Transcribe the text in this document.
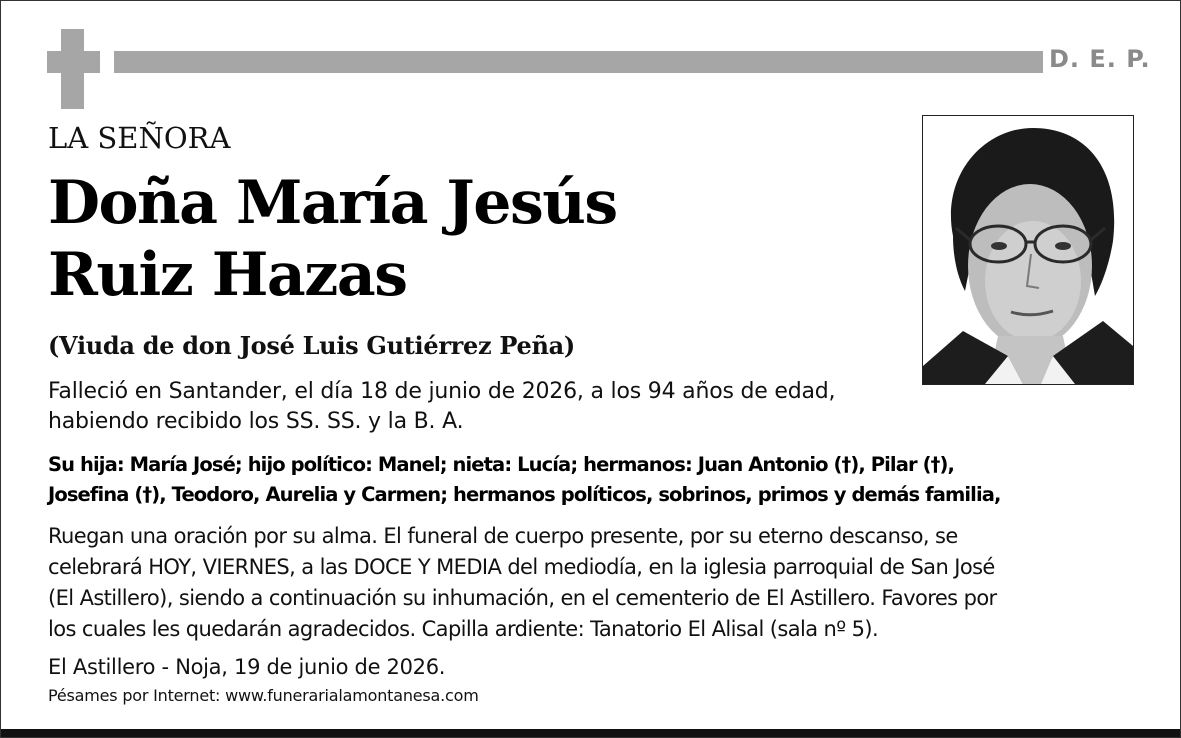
D. E. P.
LA SEÑORA
Doña María Jesús
Ruiz Hazas
(Viuda de don José Luis Gutiérrez Peña)
Falleció en Santander, el día 18 de junio de 2026, a los 94 años de edad,
habiendo recibido los SS. SS. y la B. A.
Su hija: María José; hijo político: Manel; nieta: Lucía; hermanos: Juan Antonio (†), Pilar (†),
Josefina (†), Teodoro, Aurelia y Carmen; hermanos políticos, sobrinos, primos y demás familia,
Ruegan una oración por su alma. El funeral de cuerpo presente, por su eterno descanso, se
celebrará HOY, VIERNES, a las DOCE Y MEDIA del mediodía, en la iglesia parroquial de San José
(El Astillero), siendo a continuación su inhumación, en el cementerio de El Astillero. Favores por
los cuales les quedarán agradecidos. Capilla ardiente: Tanatorio El Alisal (sala nº 5).
El Astillero - Noja, 19 de junio de 2026.
Pésames por Internet: www.funerarialamontanesa.com
